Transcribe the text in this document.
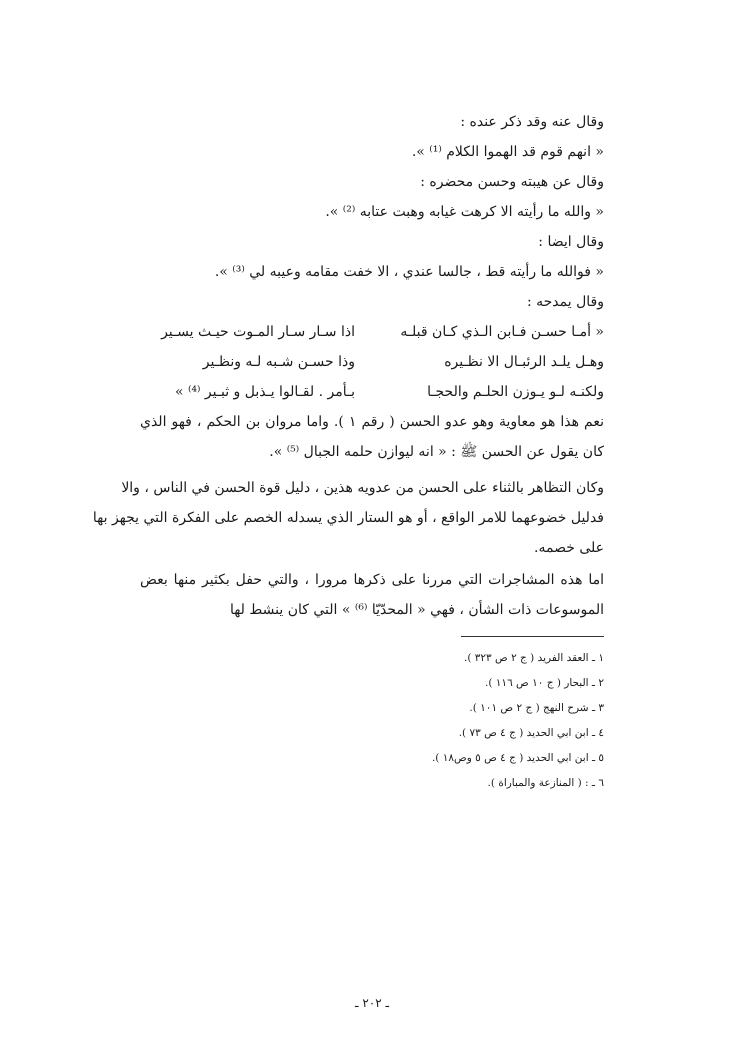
وقال عنه وقد ذكر عنده :
« انهم قوم قد الهموا الكلام ⁽¹⁾ ».
وقال عن هيبته وحسن محضره :
« والله ما رأيته الا كرهت غيابه وهبت عتابه ⁽²⁾ ».
وقال ايضا :
« فوالله ما رأيته قط ، جالسا عندي ، الا خفت مقامه وعيبه لي ⁽³⁾ ».
وقال يمدحه :
« أمـا حسـن فـابن الـذي كـان قبلـه
اذا سـار سـار المـوت حيـث يسـير
وهـل يلـد الرئبـال الا نظـيره
وذا حسـن شـبه لـه ونظـير
ولكنـه لـو يـوزن الحلـم والحجـا
بـأمر . لقـالوا يـذبل و ثبـير ⁽⁴⁾ »
نعم هذا هو معاوية وهو عدو الحسن ( رقم ١ ). واما مروان بن الحكم ، فهو الذي
كان يقول عن الحسن ﷺ : « انه ليوازن حلمه الجبال ⁽⁵⁾ ».
وكان التظاهر بالثناء على الحسن من عدويه هذين ، دليل قوة الحسن في الناس ، والا
فدليل خضوعهما للامر الواقع ، أو هو الستار الذي يسدله الخصم على الفكرة التي يجهز بها
على خصمه.
اما هذه المشاجرات التي مررنا على ذكرها مرورا ، والتي حفل بكثير منها بعض
الموسوعات ذات الشأن ، فهي « المحدّيّا ⁽⁶⁾ » التي كان ينشط لها
١ ـ العقد الفريد ( ج ٢ ص ٣٢٣ ).
٢ ـ البحار ( ج ١٠ ص ١١٦ ).
٣ ـ شرح النهج ( ج ٢ ص ١٠١ ).
٤ ـ ابن ابي الحديد ( ج ٤ ص ٧٣ ).
٥ ـ ابن ابي الحديد ( ج ٤ ص ٥ وص١٨ ).
٦ ـ : ( المنازعة والمباراة ).
ـ ٢٠٢ ـ
